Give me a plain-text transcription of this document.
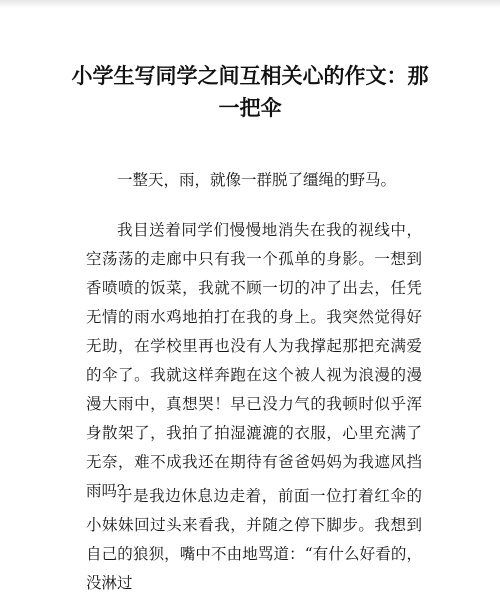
小学生写同学之间互相关心的作文：那一把伞

一整天，雨，就像一群脱了缰绳的野马。

我目送着同学们慢慢地消失在我的视线中，空荡荡的走廊中只有我一个孤单的身影。一想到香喷喷的饭菜，我就不顾一切的冲了出去，任凭无情的雨水鸡地拍打在我的身上。我突然觉得好无助，在学校里再也没有人为我撑起那把充满爱的伞了。我就这样奔跑在这个被人视为浪漫的漫漫大雨中，真想哭！早已没力气的我顿时似乎浑身散架了，我拍了拍湿漉漉的衣服，心里充满了无奈，难不成我还在期待有爸爸妈妈为我遮风挡雨吗？

于是我边休息边走着，前面一位打着红伞的小妹妹回过头来看我，并随之停下脚步。我想到自己的狼狈，嘴中不由地骂道：“有什么好看的，没淋过
